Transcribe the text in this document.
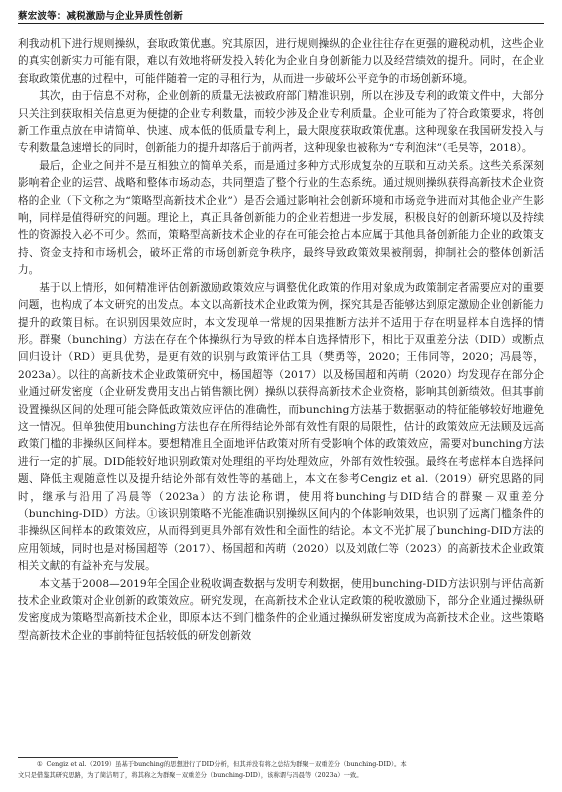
蔡宏波等：减税激励与企业异质性创新

利我动机下进行规则操纵，套取政策优惠。究其原因，进行规则操纵的企业往往存在更强的避税动机，这些企业的真实创新实力可能有限，难以有效地将研发投入转化为企业自身创新能力以及经营绩效的提升。同时，在企业套取政策优惠的过程中，可能伴随着一定的寻租行为，从而进一步破坏公平竞争的市场创新环境。

其次，由于信息不对称，企业创新的质量无法被政府部门精准识别，所以在涉及专利的政策文件中，大部分只关注到获取相关信息更为便捷的企业专利数量，而较少涉及企业专利质量。企业可能为了符合政策要求，将创新工作重点放在申请简单、快速、成本低的低质量专利上，最大限度获取政策优惠。这种现象在我国研发投入与专利数量急速增长的同时，创新能力的提升却落后于前两者，这种现象也被称为“专利泡沫”（毛昊等，2018）。

最后，企业之间并不是互相独立的简单关系，而是通过多种方式形成复杂的互联和互动关系。这些关系深刻影响着企业的运营、战略和整体市场动态，共同塑造了整个行业的生态系统。通过规则操纵获得高新技术企业资格的企业（下文称之为“策略型高新技术企业”）是否会通过影响社会创新环境和市场竞争进而对其他企业产生影响，同样是值得研究的问题。理论上，真正具备创新能力的企业若想进一步发展，积极良好的创新环境以及持续性的资源投入必不可少。然而，策略型高新技术企业的存在可能会抢占本应属于其他具备创新能力企业的政策支持、资金支持和市场机会，破坏正常的市场创新竞争秩序，最终导致政策效果被削弱，抑制社会的整体创新活力。

基于以上情形，如何精准评估创新激励政策效应与调整优化政策的作用对象成为政策制定者需要应对的重要问题，也构成了本文研究的出发点。本文以高新技术企业政策为例，探究其是否能够达到原定激励企业创新能力提升的政策目标。在识别因果效应时，本文发现单一常规的因果推断方法并不适用于存在明显样本自选择的情形。群聚（bunching）方法在存在个体操纵行为导致的样本自选择情形下，相比于双重差分法（DID）或断点回归设计（RD）更具优势，是更有效的识别与政策评估工具（樊勇等，2020；王伟同等，2020；冯晨等，2023a）。以往的高新技术企业政策研究中，杨国超等（2017）以及杨国超和芮萌（2020）均发现存在部分企业通过研发密度（企业研发费用支出占销售额比例）操纵以获得高新技术企业资格，影响其创新绩效。但其事前设置操纵区间的处理可能会降低政策效应评估的准确性，而bunching方法基于数据驱动的特征能够较好地避免这一情况。但单独使用bunching方法也存在所得结论外部有效性有限的局限性，估计的政策效应无法顾及远高政策门槛的非操纵区间样本。要想精准且全面地评估政策对所有受影响个体的政策效应，需要对bunching方法进行一定的扩展。DID能较好地识别政策对处理组的平均处理效应，外部有效性较强。最终在考虑样本自选择问题、降低主观随意性以及提升结论外部有效性等的基础上，本文在参考Cengiz et al.（2019）研究思路的同时，继承与沿用了冯晨等（2023a）的方法论称谓，使用将bunching与DID结合的群聚－双重差分（bunching-DID）方法。①该识别策略不光能准确识别操纵区间内的个体影响效果，也识别了远离门槛条件的非操纵区间样本的政策效应，从而得到更具外部有效性和全面性的结论。本文不光扩展了bunching-DID方法的应用领域，同时也是对杨国超等（2017）、杨国超和芮萌（2020）以及刘啟仁等（2023）的高新技术企业政策相关文献的有益补充与发展。

本文基于2008—2019年全国企业税收调查数据与发明专利数据，使用bunching-DID方法识别与评估高新技术企业政策对企业创新的政策效应。研究发现，在高新技术企业认定政策的税收激励下，部分企业通过操纵研发密度成为策略型高新技术企业，即原本达不到门槛条件的企业通过操纵研发密度成为高新技术企业。这些策略型高新技术企业的事前特征包括较低的研发创新效

① Cengiz et al.（2019）虽基于bunching的思想进行了DID分析，但其并没有将之总结为群聚－双重差分（bunching-DID）。本

文只是借鉴其研究思路，为了简洁明了，将其称之为群聚－双重差分（bunching-DID），该称谓与冯晨等（2023a）一致。
